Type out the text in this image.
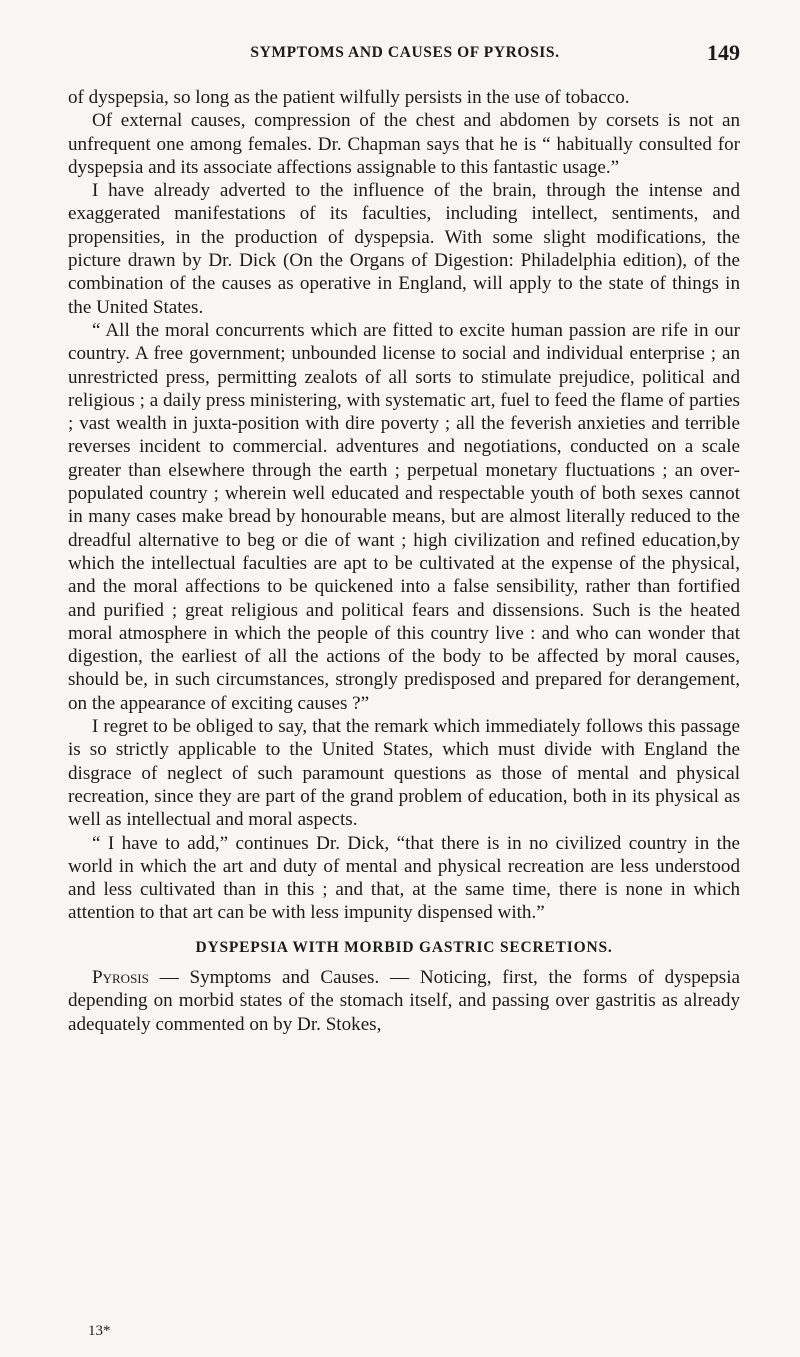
SYMPTOMS AND CAUSES OF PYROSIS.	149

of dyspepsia, so long as the patient wilfully persists in the use of tobacco.

Of external causes, compression of the chest and abdomen by corsets is not an unfrequent one among females. Dr. Chapman says that he is “ habitually consulted for dyspepsia and its associate affections assignable to this fantastic usage.”

I have already adverted to the influence of the brain, through the intense and exaggerated manifestations of its faculties, including intellect, sentiments, and propensities, in the production of dyspepsia. With some slight modifications, the picture drawn by Dr. Dick (On the Organs of Digestion: Philadelphia edition), of the combination of the causes as operative in England, will apply to the state of things in the United States.

“ All the moral concurrents which are fitted to excite human passion are rife in our country. A free government; unbounded license to social and individual enterprise ; an unrestricted press, permitting zealots of all sorts to stimulate prejudice, political and religious ; a daily press ministering, with systematic art, fuel to feed the flame of parties ; vast wealth in juxta-position with dire poverty ; all the feverish anxieties and terrible reverses incident to commercial. adventures and negotiations, conducted on a scale greater than elsewhere through the earth ; perpetual monetary fluctuations ; an over-populated country ; wherein well educated and respectable youth of both sexes cannot in many cases make bread by honourable means, but are almost literally reduced to the dreadful alternative to beg or die of want ; high civilization and refined education,by which the intellectual faculties are apt to be cultivated at the expense of the physical, and the moral affections to be quickened into a false sensibility, rather than fortified and purified ; great religious and political fears and dissensions. Such is the heated moral atmosphere in which the people of this country live : and who can wonder that digestion, the earliest of all the actions of the body to be affected by moral causes, should be, in such circumstances, strongly predisposed and prepared for derangement, on the appearance of exciting causes ?”

I regret to be obliged to say, that the remark which immediately follows this passage is so strictly applicable to the United States, which must divide with England the disgrace of neglect of such paramount questions as those of mental and physical recreation, since they are part of the grand problem of education, both in its physical as well as intellectual and moral aspects.

“ I have to add,” continues Dr. Dick, “that there is in no civilized country in the world in which the art and duty of mental and physical recreation are less understood and less cultivated than in this ; and that, at the same time, there is none in which attention to that art can be with less impunity dispensed with.”

DYSPEPSIA WITH MORBID GASTRIC SECRETIONS.

Pyrosis — Symptoms and Causes. — Noticing, first, the forms of dyspepsia depending on morbid states of the stomach itself, and passing over gastritis as already adequately commented on by Dr. Stokes,

13*
